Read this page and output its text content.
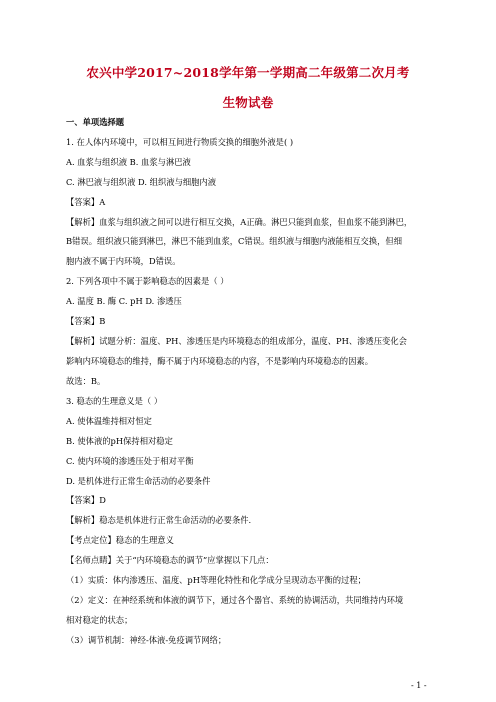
农兴中学2017~2018学年第一学期高二年级第二次月考
生物试卷
一、单项选择题
1. 在人体内环境中，可以相互间进行物质交换的细胞外液是( )
A. 血浆与组织液 B. 血浆与淋巴液
C. 淋巴液与组织液 D. 组织液与细胞内液
【答案】A
【解析】血浆与组织液之间可以进行相互交换，A正确。淋巴只能到血浆，但血浆不能到淋巴，
B错误。组织液只能到淋巴，淋巴不能到血浆，C错误。组织液与细胞内液能相互交换，但细
胞内液不属于内环境，D错误。
2. 下列各项中不属于影响稳态的因素是（ ）
A. 温度 B. 酶 C. pH D. 渗透压
【答案】B
【解析】试题分析：温度、PH、渗透压是内环境稳态的组成部分，温度、PH、渗透压变化会
影响内环境稳态的维持，酶不属于内环境稳态的内容，不是影响内环境稳态的因素。
故选：B。
3. 稳态的生理意义是（ ）
A. 使体温维持相对恒定
B. 使体液的pH保持相对稳定
C. 使内环境的渗透压处于相对平衡
D. 是机体进行正常生命活动的必要条件
【答案】D
【解析】稳态是机体进行正常生命活动的必要条件.
【考点定位】稳态的生理意义
【名师点睛】关于“内环境稳态的调节”应掌握以下几点：
（1）实质：体内渗透压、温度、pH等理化特性和化学成分呈现动态平衡的过程；
（2）定义：在神经系统和体液的调节下，通过各个器官、系统的协调活动，共同维持内环境
相对稳定的状态；
（3）调节机制：神经-体液-免疫调节网络；
- 1 -
